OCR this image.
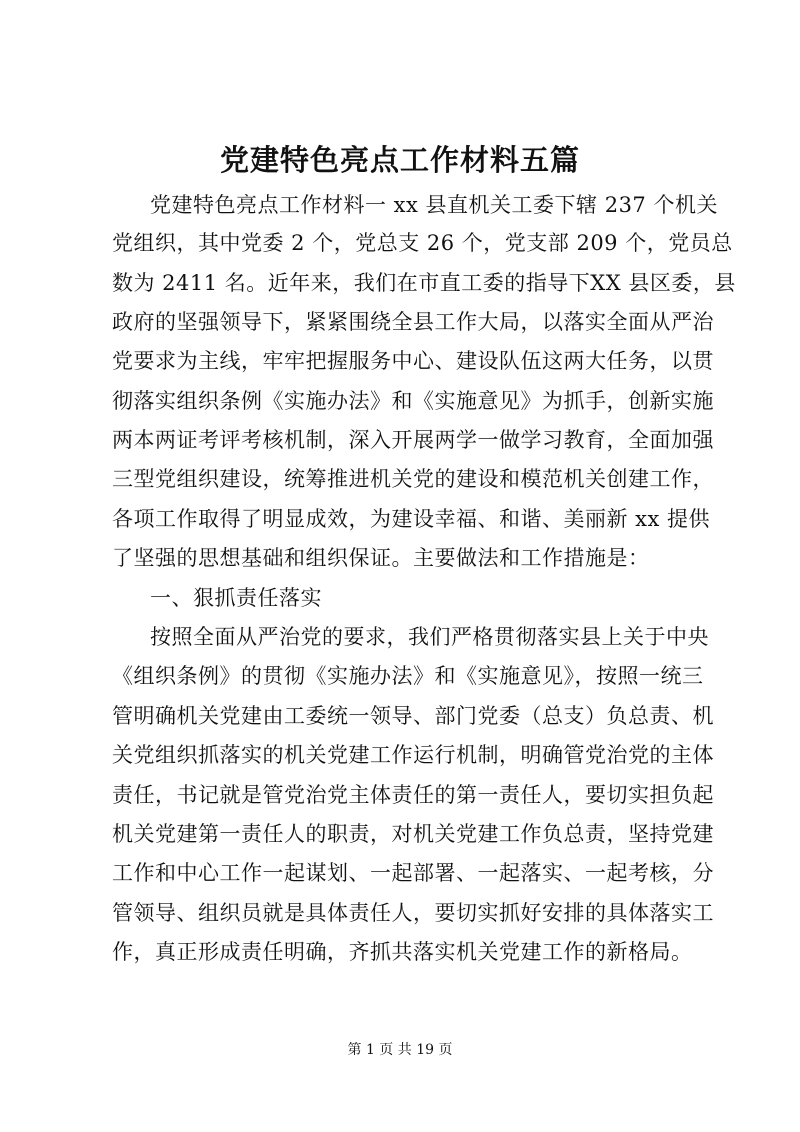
党建特色亮点工作材料五篇
党建特色亮点工作材料一 xx 县直机关工委下辖 237 个机关
党组织，其中党委 2 个，党总支 26 个，党支部 209 个，党员总
数为 2411 名。近年来，我们在市直工委的指导下XX 县区委，县
政府的坚强领导下，紧紧围绕全县工作大局，以落实全面从严治
党要求为主线，牢牢把握服务中心、建设队伍这两大任务，以贯
彻落实组织条例《实施办法》和《实施意见》为抓手，创新实施
两本两证考评考核机制，深入开展两学一做学习教育，全面加强
三型党组织建设，统筹推进机关党的建设和模范机关创建工作，
各项工作取得了明显成效，为建设幸福、和谐、美丽新 xx 提供
了坚强的思想基础和组织保证。主要做法和工作措施是：
一、狠抓责任落实
按照全面从严治党的要求，我们严格贯彻落实县上关于中央
《组织条例》的贯彻《实施办法》和《实施意见》，按照一统三
管明确机关党建由工委统一领导、部门党委（总支）负总责、机
关党组织抓落实的机关党建工作运行机制，明确管党治党的主体
责任，书记就是管党治党主体责任的第一责任人，要切实担负起
机关党建第一责任人的职责，对机关党建工作负总责，坚持党建
工作和中心工作一起谋划、一起部署、一起落实、一起考核，分
管领导、组织员就是具体责任人，要切实抓好安排的具体落实工
作，真正形成责任明确，齐抓共落实机关党建工作的新格局。
第 1 页 共 19 页
